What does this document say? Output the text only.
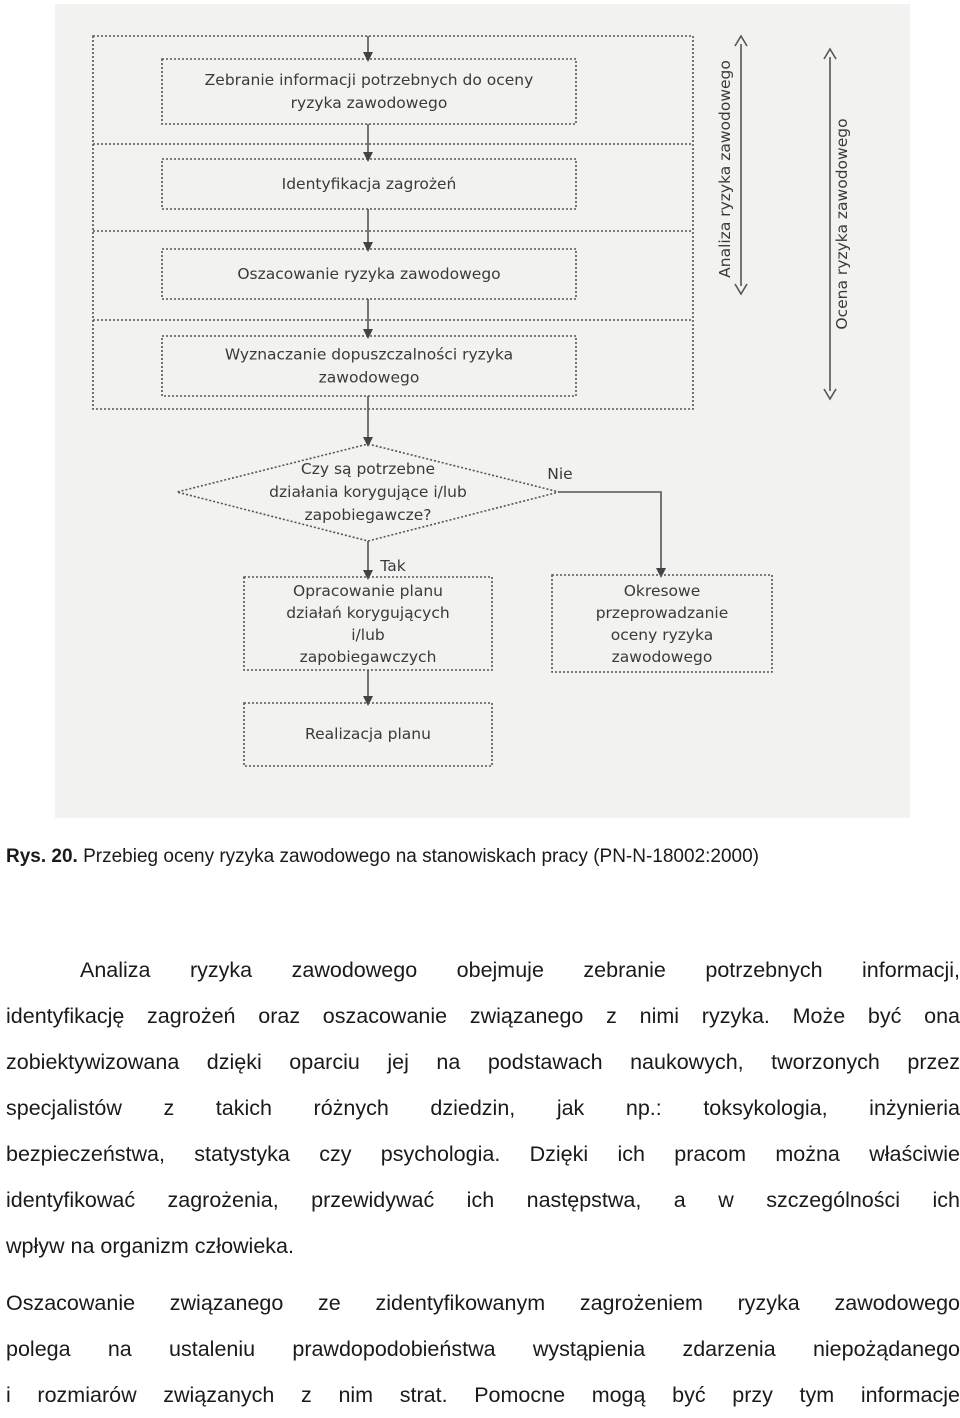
Zebranie informacji potrzebnych do oceny
ryzyka zawodowego
Identyfikacja zagrożeń
Oszacowanie ryzyka zawodowego
Wyznaczanie dopuszczalności ryzyka
zawodowego
Czy są potrzebne
działania korygujące i/lub
zapobiegawcze?
Nie
Tak
Opracowanie planu
działań korygujących
i/lub
zapobiegawczych
Okresowe
przeprowadzanie
oceny ryzyka
zawodowego
Realizacja planu
Analiza ryzyka zawodowego	Ocena ryzyka zawodowego
Rys. 20. Przebieg oceny ryzyka zawodowego na stanowiskach pracy (PN-N-18002:2000)
Analiza ryzyka zawodowego obejmuje zebranie potrzebnych informacji,
identyfikację zagrożeń oraz oszacowanie związanego z nimi ryzyka. Może być ona
zobiektywizowana dzięki oparciu jej na podstawach naukowych, tworzonych przez
specjalistów z takich różnych dziedzin, jak np.: toksykologia, inżynieria
bezpieczeństwa, statystyka czy psychologia. Dzięki ich pracom można właściwie
identyfikować zagrożenia, przewidywać ich następstwa, a w szczególności ich
wpływ na organizm człowieka.
Oszacowanie związanego ze zidentyfikowanym zagrożeniem ryzyka zawodowego
polega na ustaleniu prawdopodobieństwa wystąpienia zdarzenia niepożądanego
i rozmiarów związanych z nim strat. Pomocne mogą być przy tym informacje
